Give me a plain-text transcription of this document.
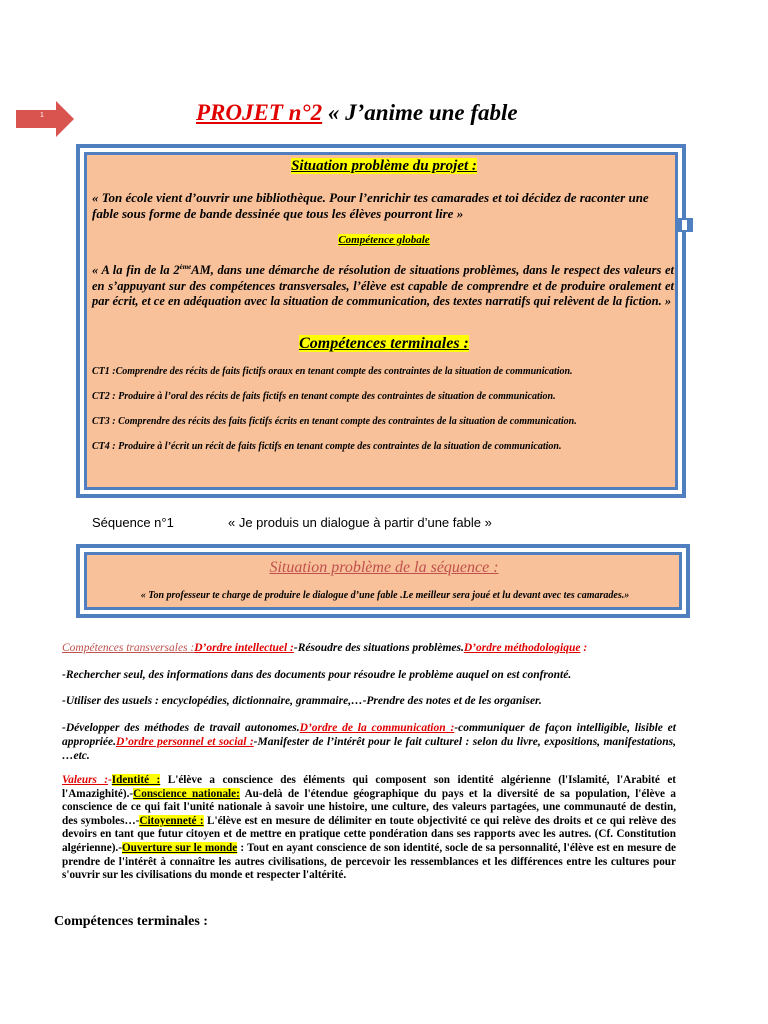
1	PROJET n°2 « J’anime une fable
Situation problème du projet :
« Ton école vient d’ouvrir une bibliothèque. Pour l’enrichir tes camarades et toi décidez de raconter une fable sous forme de bande dessinée que tous les élèves pourront lire »
Compétence globale
« A la fin de la 2èmeAM, dans une démarche de résolution de situations problèmes, dans le respect des valeurs et en s’appuyant sur des compétences transversales, l’élève est capable de comprendre et de produire oralement et par écrit, et ce en adéquation avec la situation de communication, des textes narratifs qui relèvent de la fiction. »
Compétences terminales :
CT1 :Comprendre des récits de faits fictifs oraux en tenant compte des contraintes de la situation de communication.
CT2 : Produire à l’oral des récits de faits fictifs en tenant compte des contraintes de situation de communication.
CT3 : Comprendre des récits des faits fictifs écrits en tenant compte des contraintes de la situation de communication.
CT4 : Produire à l’écrit un récit de faits fictifs en tenant compte des contraintes de la situation de communication.
Séquence n°1	« Je produis un dialogue à partir d’une fable »
Situation problème de la séquence :
« Ton professeur te charge de produire le dialogue d’une fable .Le meilleur sera joué et lu devant avec tes camarades.»
Compétences transversales :D’ordre intellectuel :-Résoudre des situations problèmes.D’ordre méthodologique :
-Rechercher seul, des informations dans des documents pour résoudre le problème auquel on est confronté.
-Utiliser des usuels : encyclopédies, dictionnaire, grammaire,…-Prendre des notes et de les organiser.
-Développer des méthodes de travail autonomes.D’ordre de la communication :-communiquer de façon intelligible, lisible et appropriée.D’ordre personnel et social :-Manifester de l’intérêt pour le fait culturel : selon du livre, expositions, manifestations, …etc.
Valeurs :-Identité : L'élève a conscience des éléments qui composent son identité algérienne (l'Islamité, l'Arabité et l'Amazighité).-Conscience nationale: Au-delà de l'étendue géographique du pays et la diversité de sa population, l'élève a conscience de ce qui fait l'unité nationale à savoir une histoire, une culture, des valeurs partagées, une communauté de destin, des symboles…-Citoyenneté : L'élève est en mesure de délimiter en toute objectivité ce qui relève des droits et ce qui relève des devoirs en tant que futur citoyen et de mettre en pratique cette pondération dans ses rapports avec les autres. (Cf. Constitution algérienne).-Ouverture sur le monde : Tout en ayant conscience de son identité, socle de sa personnalité, l'élève est en mesure de prendre de l'intérêt à connaître les autres civilisations, de percevoir les ressemblances et les différences entre les cultures pour s'ouvrir sur les civilisations du monde et respecter l'altérité.
Compétences terminales :
